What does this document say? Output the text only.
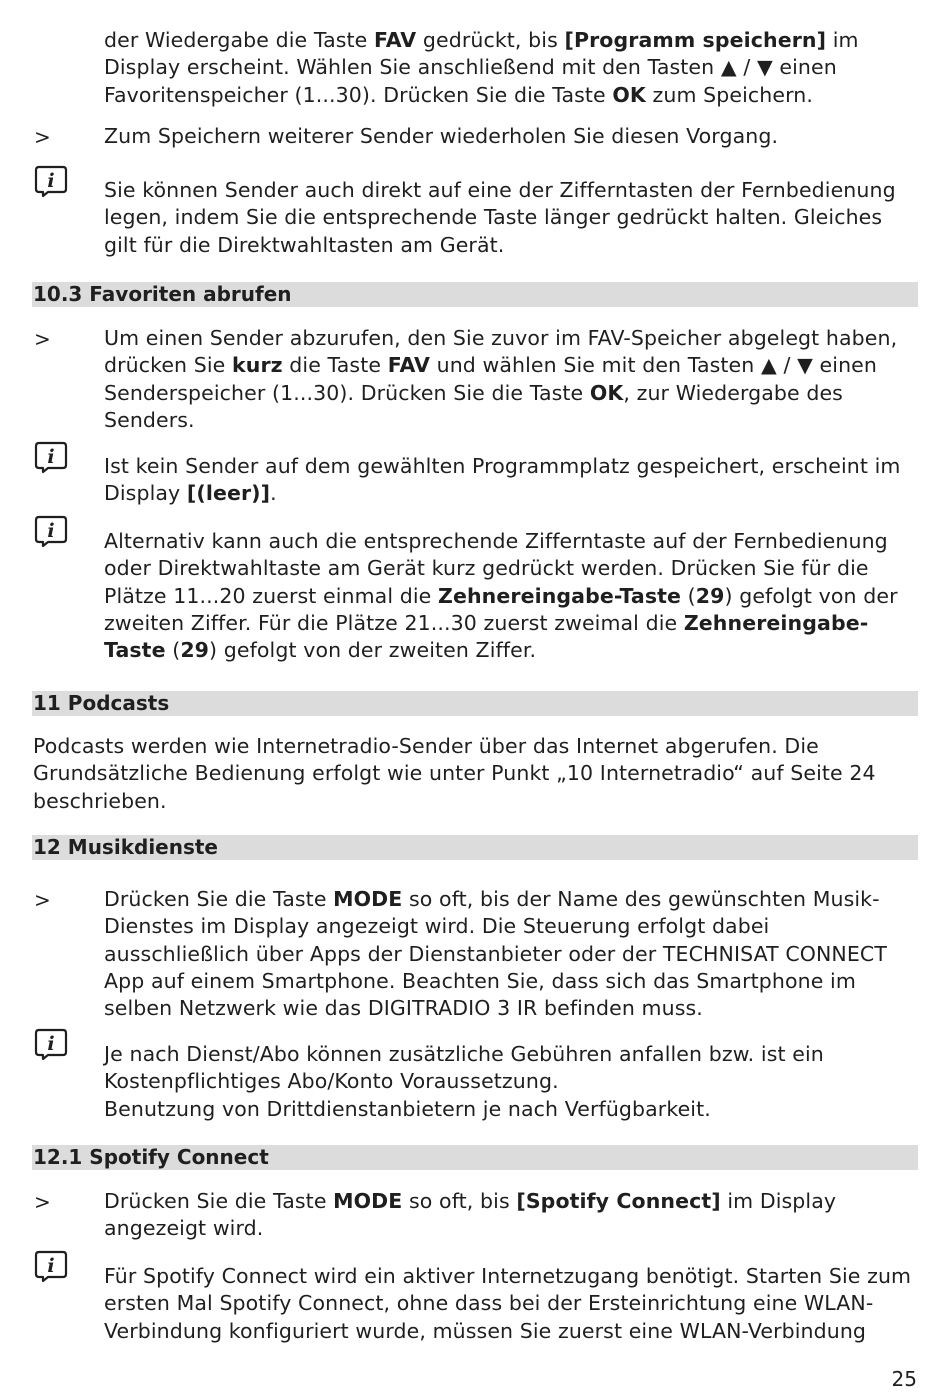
der Wiedergabe die Taste FAV gedrückt, bis [Programm speichern] im Display erscheint. Wählen Sie anschließend mit den Tasten ▲ / ▼ einen Favoritenspeicher (1...30). Drücken Sie die Taste OK zum Speichern.
>	Zum Speichern weiterer Sender wiederholen Sie diesen Vorgang.
i Sie können Sender auch direkt auf eine der Zifferntasten der Fernbedienung legen, indem Sie die entsprechende Taste länger gedrückt halten. Gleiches gilt für die Direktwahltasten am Gerät.
10.3 Favoriten abrufen
>	Um einen Sender abzurufen, den Sie zuvor im FAV-Speicher abgelegt haben, drücken Sie kurz die Taste FAV und wählen Sie mit den Tasten ▲ / ▼ einen Senderspeicher (1...30). Drücken Sie die Taste OK, zur Wiedergabe des Senders.
i Ist kein Sender auf dem gewählten Programmplatz gespeichert, erscheint im Display [(leer)].
i Alternativ kann auch die entsprechende Zifferntaste auf der Fernbedienung oder Direktwahltaste am Gerät kurz gedrückt werden. Drücken Sie für die Plätze 11...20 zuerst einmal die Zehnereingabe-Taste (29) gefolgt von der zweiten Ziffer. Für die Plätze 21...30 zuerst zweimal die Zehnereingabe-Taste (29) gefolgt von der zweiten Ziffer.
11 Podcasts
Podcasts werden wie Internetradio-Sender über das Internet abgerufen. Die Grundsätzliche Bedienung erfolgt wie unter Punkt „10 Internetradio“ auf Seite 24 beschrieben.
12 Musikdienste
>	Drücken Sie die Taste MODE so oft, bis der Name des gewünschten Musik-Dienstes im Display angezeigt wird. Die Steuerung erfolgt dabei ausschließlich über Apps der Dienstanbieter oder der TECHNISAT CONNECT App auf einem Smartphone. Beachten Sie, dass sich das Smartphone im selben Netzwerk wie das DIGITRADIO 3 IR befinden muss.
i Je nach Dienst/Abo können zusätzliche Gebühren anfallen bzw. ist ein Kostenpflichtiges Abo/Konto Voraussetzung.
Benutzung von Drittdienstanbietern je nach Verfügbarkeit.
12.1 Spotify Connect
>	Drücken Sie die Taste MODE so oft, bis [Spotify Connect] im Display angezeigt wird.
i Für Spotify Connect wird ein aktiver Internetzugang benötigt. Starten Sie zum ersten Mal Spotify Connect, ohne dass bei der Ersteinrichtung eine WLAN-Verbindung konfiguriert wurde, müssen Sie zuerst eine WLAN-Verbindung
25
